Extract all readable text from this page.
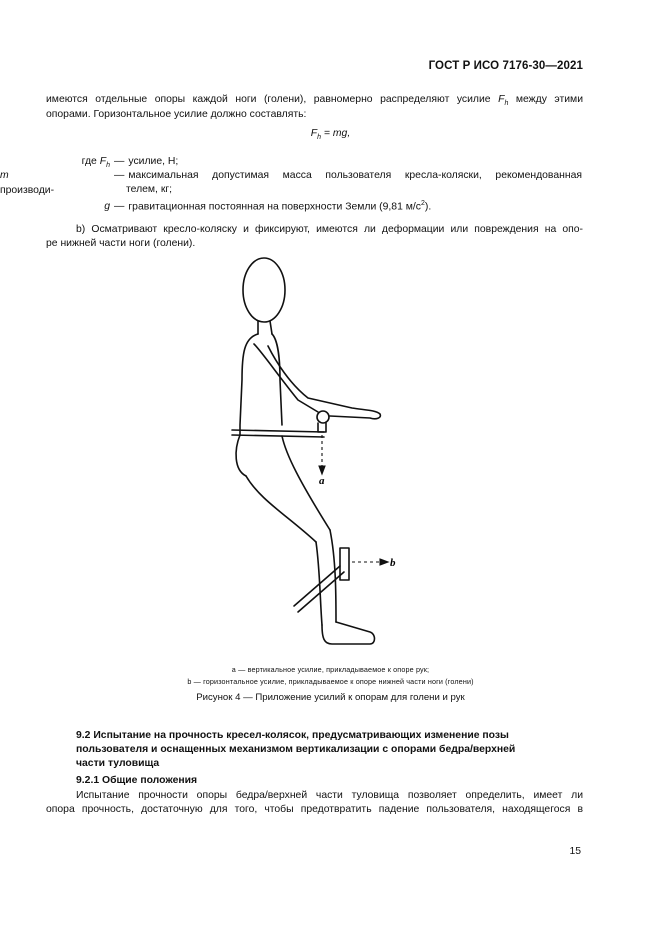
ГОСТ Р ИСО 7176-30—2021
имеются отдельные опоры каждой ноги (голени), равномерно распределяют усилие $F_h$ между этими
опорами. Горизонтальное усилие должно составлять:
$F_h$ = mg,
где $F_h$ — усилие, Н;
m	— максимальная допустимая масса пользователя кресла-коляски, рекомендованная производи-	телем, кг;
g — гравитационная постоянная на поверхности Земли (9,81 $м/с^2$).
b) Осматривают кресло-коляску и фиксируют, имеются ли деформации или повреждения на опо-
ре нижней части ноги (голени).
a
b
a — вертикальное усилие, прикладываемое к опоре рук;
b — горизонтальное усилие, прикладываемое к опоре нижней части ноги (голени)
Рисунок 4 — Приложение усилий к опорам для голени и рук
9.2 Испытание на прочность кресел-колясок, предусматривающих изменение позы
пользователя и оснащенных механизмом вертикализации с опорами бедра/верхней
части туловища
9.2.1 Общие положения
Испытание прочности опоры бедра/верхней части туловища позволяет определить, имеет ли
опора прочность, достаточную для того, чтобы предотвратить падение пользователя, находящегося в
15
